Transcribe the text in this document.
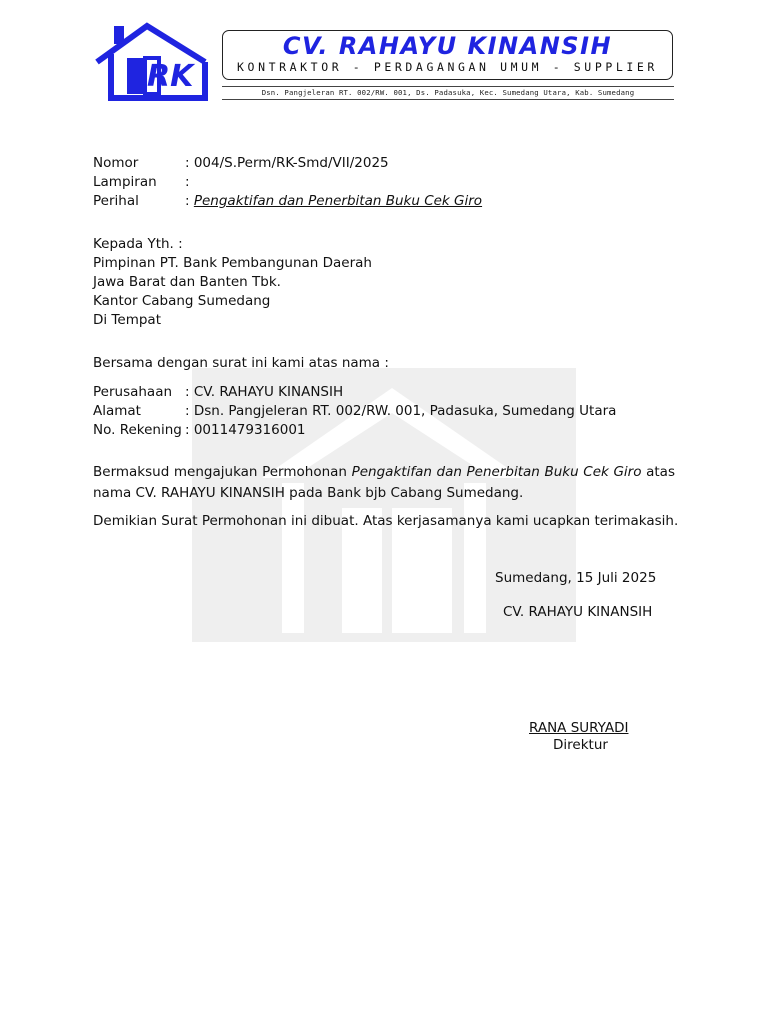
RK
CV. RAHAYU KINANSIH
KONTRAKTOR - PERDAGANGAN UMUM - SUPPLIER
Dsn. Pangjeleran RT. 002/RW. 001, Ds. Padasuka, Kec. Sumedang Utara, Kab. Sumedang
Nomor	: 004/S.Perm/RK-Smd/VII/2025
Lampiran :
Perihal	: Pengaktifan dan Penerbitan Buku Cek Giro
Kepada Yth. :
Pimpinan PT. Bank Pembangunan Daerah
Jawa Barat dan Banten Tbk.
Kantor Cabang Sumedang
Di Tempat
Bersama dengan surat ini kami atas nama :
Perusahaan : CV. RAHAYU KINANSIH
Alamat	: Dsn. Pangjeleran RT. 002/RW. 001, Padasuka, Sumedang Utara
No. Rekening : 0011479316001
Bermaksud mengajukan Permohonan Pengaktifan dan Penerbitan Buku Cek Giro atas
nama CV. RAHAYU KINANSIH pada Bank bjb Cabang Sumedang.
Demikian Surat Permohonan ini dibuat. Atas kerjasamanya kami ucapkan terimakasih.
Sumedang, 15 Juli 2025
CV. RAHAYU KINANSIH
RANA SURYADI
Direktur
